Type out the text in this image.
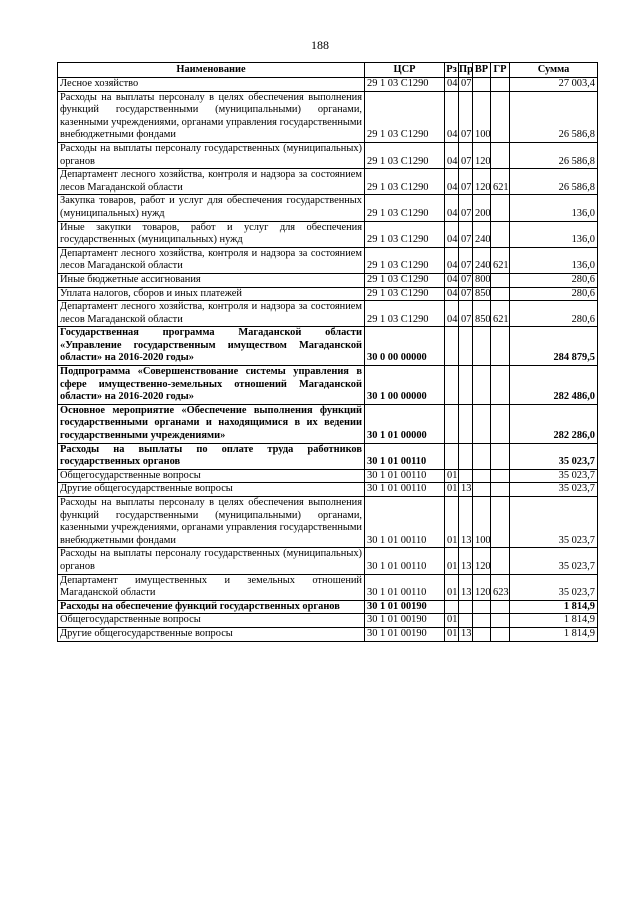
188
Наименование	ЦСР	Рз	Пр	ВР	ГР	Сумма
Лесное хозяйство	29 1 03 С1290	04	07			27 003,4
Расходы на выплаты персоналу в целях обеспечения выполнения функций государственными (муниципальными) органами, казенными учреждениями, органами управления государственными внебюджетными фондами	29 1 03 С1290	04	07	100		26 586,8
Расходы на выплаты персоналу государственных (муниципальных) органов	29 1 03 С1290	04	07	120		26 586,8
Департамент лесного хозяйства, контроля и надзора за состоянием лесов Магаданской области	29 1 03 С1290	04	07	120	621	26 586,8
Закупка товаров, работ и услуг для обеспечения государственных (муниципальных) нужд	29 1 03 С1290	04	07	200		136,0
Иные закупки товаров, работ и услуг для обеспечения государственных (муниципальных) нужд	29 1 03 С1290	04	07	240		136,0
Департамент лесного хозяйства, контроля и надзора за состоянием лесов Магаданской области	29 1 03 С1290	04	07	240	621	136,0
Иные бюджетные ассигнования	29 1 03 С1290	04	07	800		280,6
Уплата налогов, сборов и иных платежей	29 1 03 С1290	04	07	850		280,6
Департамент лесного хозяйства, контроля и надзора за состоянием лесов Магаданской области	29 1 03 С1290	04	07	850	621	280,6
Государственная программа Магаданской области «Управление государственным имуществом Магаданской области» на 2016-2020 годы»	30 0 00 00000					284 879,5
Подпрограмма «Совершенствование системы управления в сфере имущественно-земельных отношений Магаданской области» на 2016-2020 годы»	30 1 00 00000					282 486,0
Основное мероприятие «Обеспечение выполнения функций государственными органами и находящимися в их ведении государственными учреждениями»	30 1 01 00000					282 286,0
Расходы на выплаты по оплате труда работников государственных органов	30 1 01 00110					35 023,7
Общегосударственные вопросы	30 1 01 00110	01				35 023,7
Другие общегосударственные вопросы	30 1 01 00110	01	13			35 023,7
Расходы на выплаты персоналу в целях обеспечения выполнения функций государственными (муниципальными) органами, казенными учреждениями, органами управления государственными внебюджетными фондами	30 1 01 00110	01	13	100		35 023,7
Расходы на выплаты персоналу государственных (муниципальных) органов	30 1 01 00110	01	13	120		35 023,7
Департамент имущественных и земельных отношений Магаданской области	30 1 01 00110	01	13	120	623	35 023,7
Расходы на обеспечение функций государственных органов	30 1 01 00190					1 814,9
Общегосударственные вопросы	30 1 01 00190	01				1 814,9
Другие общегосударственные вопросы	30 1 01 00190	01	13			1 814,9
